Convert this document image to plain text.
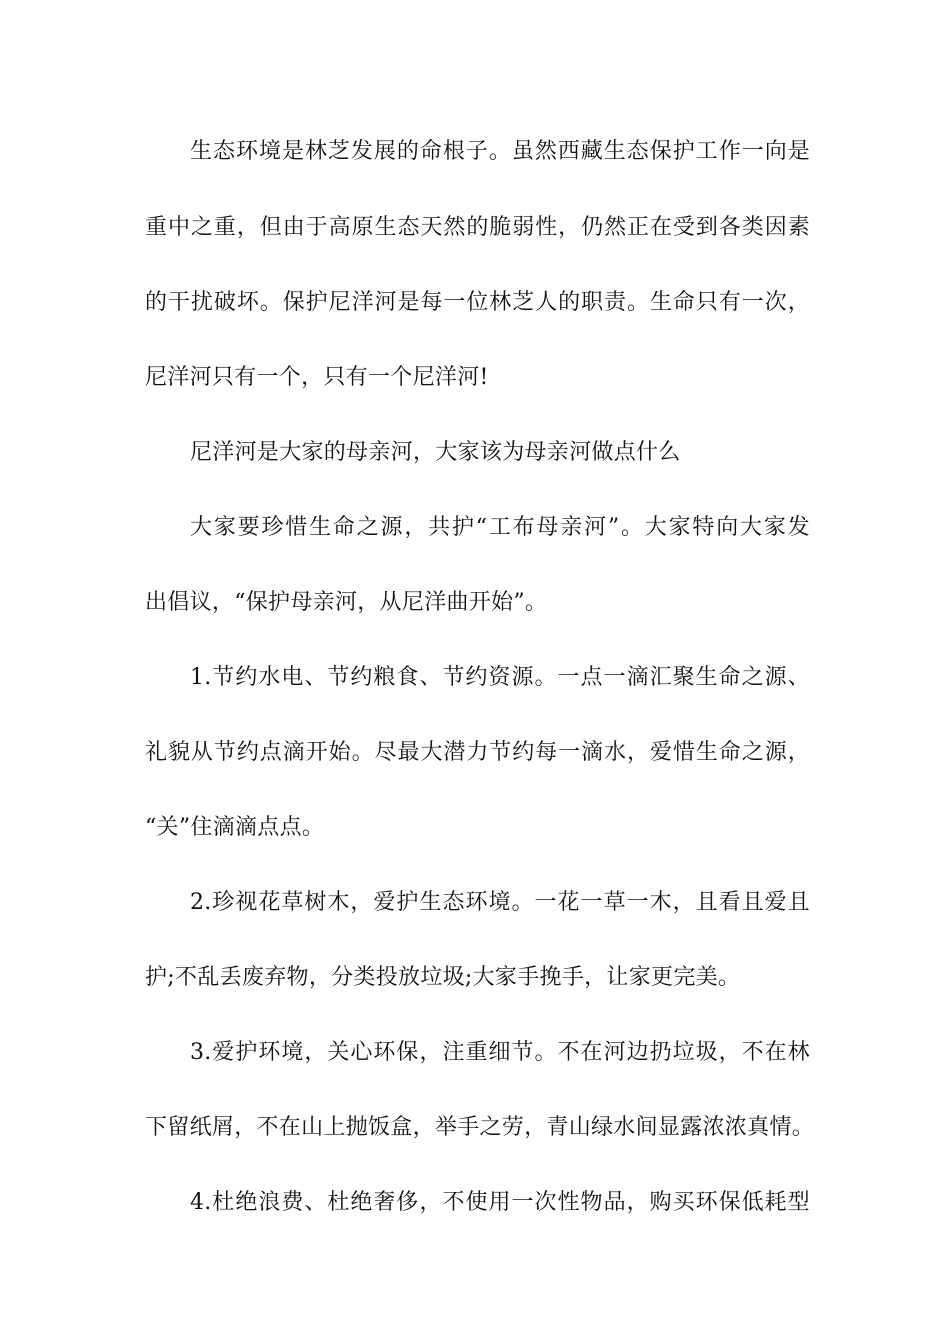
生态环境是林芝发展的命根子。虽然西藏生态保护工作一向是
重中之重，但由于高原生态天然的脆弱性，仍然正在受到各类因素
的干扰破坏。保护尼洋河是每一位林芝人的职责。生命只有一次，
尼洋河只有一个，只有一个尼洋河!
尼洋河是大家的母亲河，大家该为母亲河做点什么
大家要珍惜生命之源，共护“工布母亲河”。大家特向大家发
出倡议，“保护母亲河，从尼洋曲开始”。
1.节约水电、节约粮食、节约资源。一点一滴汇聚生命之源、
礼貌从节约点滴开始。尽最大潜力节约每一滴水，爱惜生命之源，
“关”住滴滴点点。
2.珍视花草树木，爱护生态环境。一花一草一木，且看且爱且
护;不乱丢废弃物，分类投放垃圾;大家手挽手，让家更完美。
3.爱护环境，关心环保，注重细节。不在河边扔垃圾，不在林
下留纸屑，不在山上抛饭盒，举手之劳，青山绿水间显露浓浓真情。
4.杜绝浪费、杜绝奢侈，不使用一次性物品，购买环保低耗型
